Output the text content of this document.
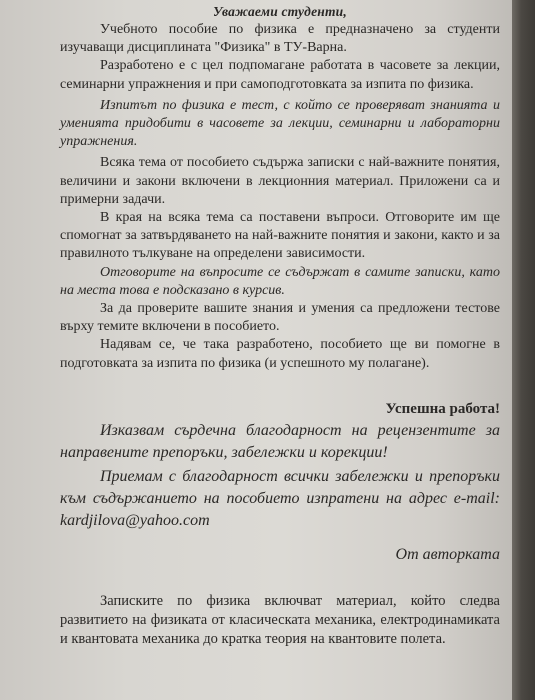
Уважаеми студенти,

Учебното пособие по физика е предназначено за студенти изучаващи дисциплината "Физика" в ТУ-Варна.

Разработено е с цел подпомагане работата в часовете за лекции, семинарни упражнения и при самоподготовката за изпита по физика.

Изпитът по физика е тест, с който се проверяват знанията и уменията придобити в часовете за лекции, семинарни и лабораторни упражнения.

Всяка тема от пособието съдържа записки с най-важните понятия, величини и закони включени в лекционния материал. Приложени са и примерни задачи.

В края на всяка тема са поставени въпроси. Отговорите им ще спомогнат за затвърдяването на най-важните понятия и закони, както и за правилното тълкуване на определени зависимости.

Отговорите на въпросите се съдържат в самите записки, като на места това е подсказано в курсив.

За да проверите вашите знания и умения са предложени тестове върху темите включени в пособието.

Надявам се, че така разработено, пособието ще ви помогне в подготовката за изпита по физика (и успешното му полагане).

Успешна работа!

Изказвам сърдечна благодарност на рецензентите за направените препоръки, забележки и корекции!

Приемам с благодарност всички забележки и препоръки към съдържанието на пособието изпратени на адрес e-mail: kardjilova@yahoo.com

От авторката

Записките по физика включват материал, който следва развитието на физиката от класическата механика, електродинамиката и квантовата механика до кратка теория на квантовите полета.
